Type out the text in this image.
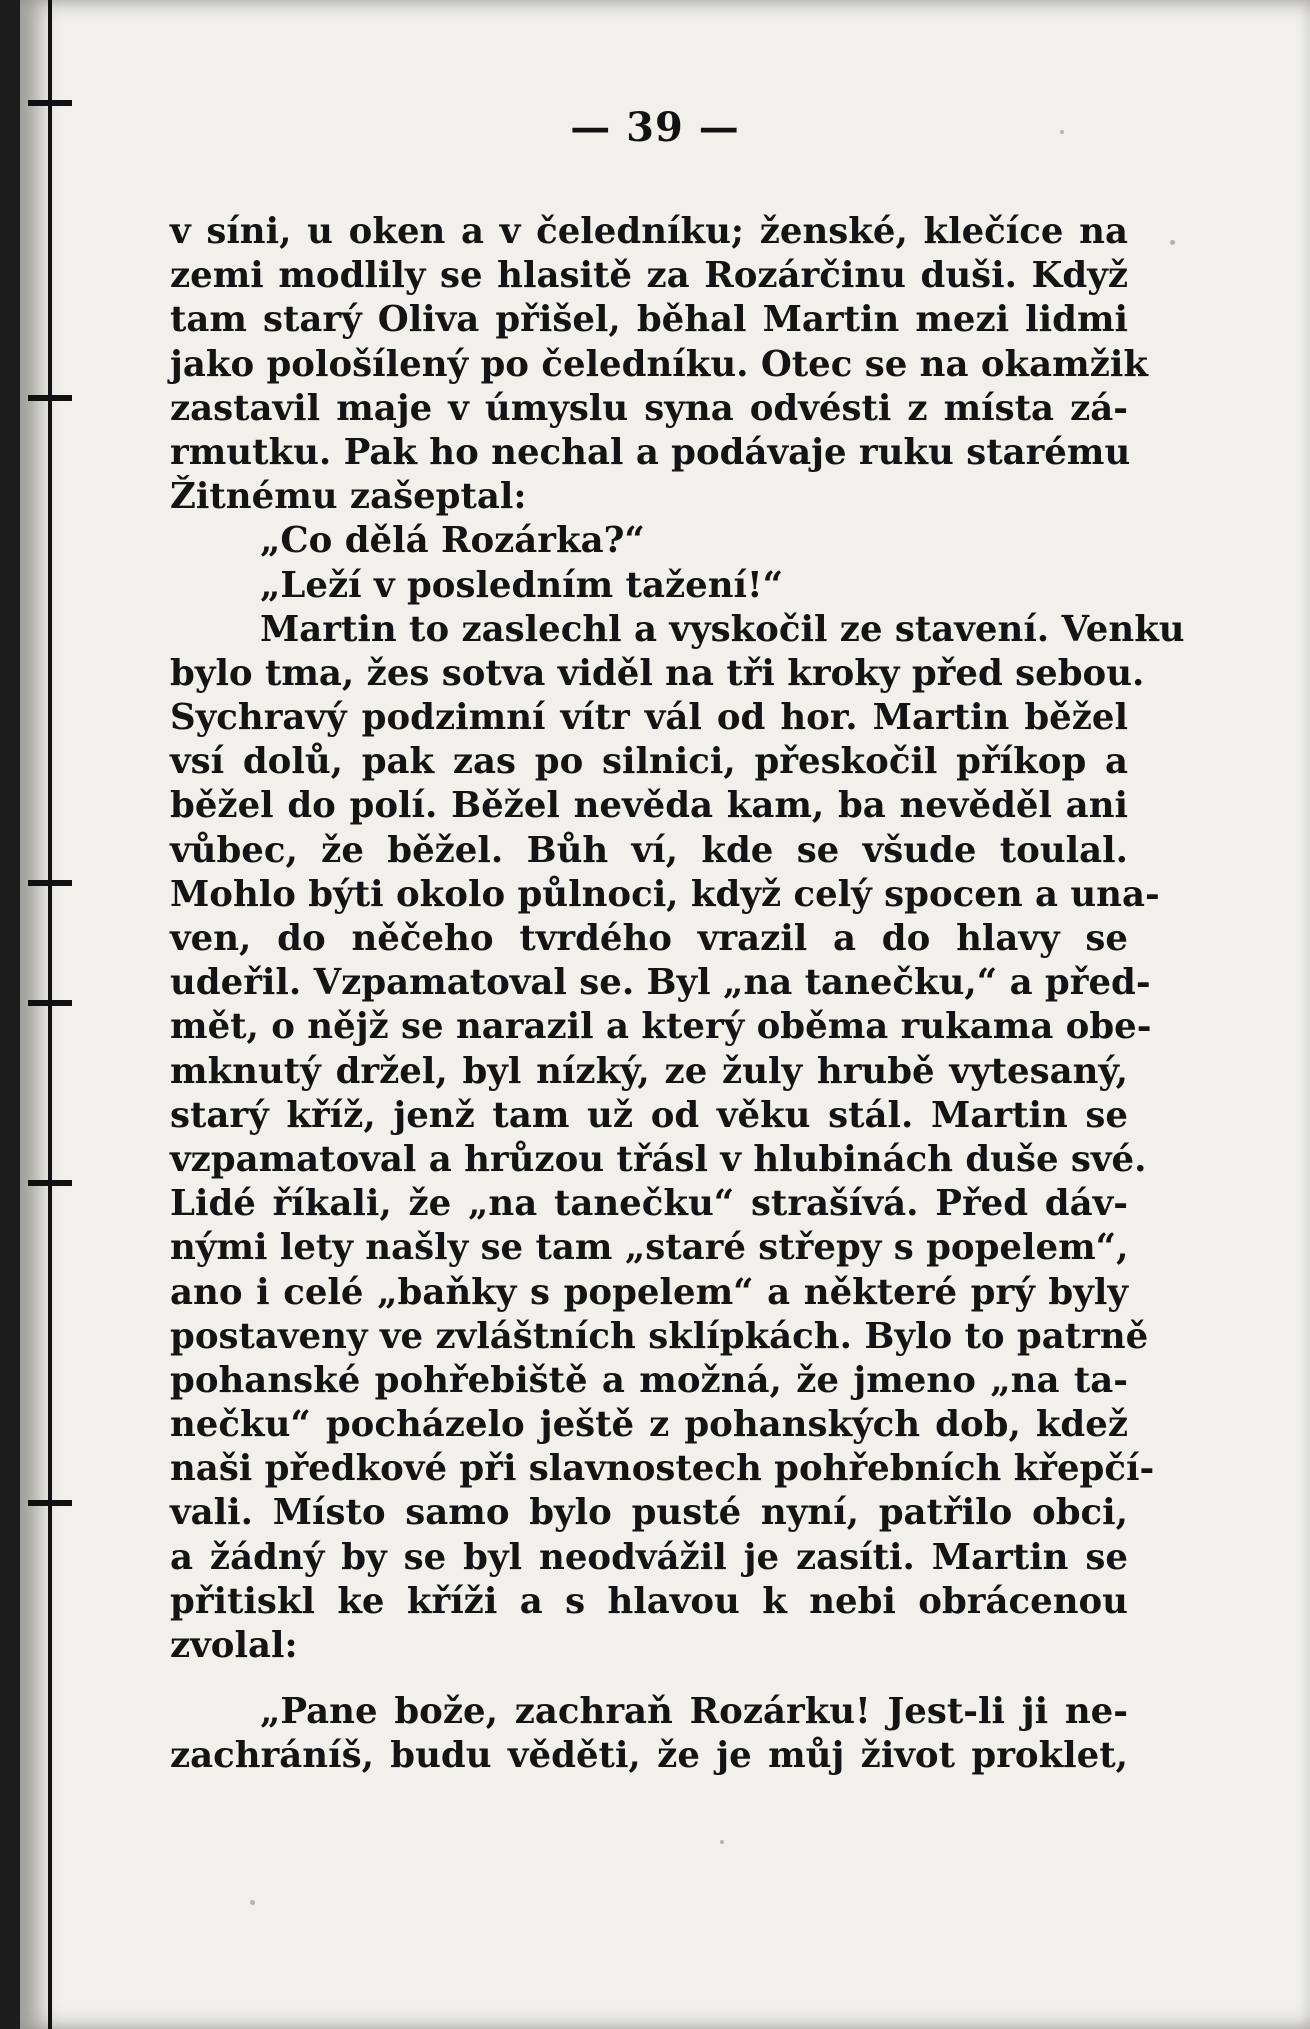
— 39 —
v síni, u oken a v čeledníku; ženské, klečíce na
zemi modlily se hlasitě za Rozárčinu duši. Když
tam starý Oliva přišel, běhal Martin mezi lidmi
jako pološílený po čeledníku. Otec se na okamžik
zastavil maje v úmyslu syna odvésti z místa zá-
rmutku. Pak ho nechal a podávaje ruku starému
Žitnému zašeptal:
„Co dělá Rozárka?“
„Leží v posledním tažení!“
Martin to zaslechl a vyskočil ze stavení. Venku
bylo tma, žes sotva viděl na tři kroky před sebou.
Sychravý podzimní vítr vál od hor. Martin běžel
vsí dolů, pak zas po silnici, přeskočil příkop a
běžel do polí. Běžel nevěda kam, ba nevěděl ani
vůbec, že běžel. Bůh ví, kde se všude toulal.
Mohlo býti okolo půlnoci, když celý spocen a una-
ven, do něčeho tvrdého vrazil a do hlavy se
udeřil. Vzpamatoval se. Byl „na tanečku,“ a před-
mět, o nějž se narazil a který oběma rukama obe-
mknutý držel, byl nízký, ze žuly hrubě vytesaný,
starý kříž, jenž tam už od věku stál. Martin se
vzpamatoval a hrůzou třásl v hlubinách duše své.
Lidé říkali, že „na tanečku“ strašívá. Před dáv-
nými lety našly se tam „staré střepy s popelem“,
ano i celé „baňky s popelem“ a některé prý byly
postaveny ve zvláštních sklípkách. Bylo to patrně
pohanské pohřebiště a možná, že jmeno „na ta-
nečku“ pocházelo ještě z pohanských dob, kdež
naši předkové při slavnostech pohřebních křepčí-
vali. Místo samo bylo pusté nyní, patřilo obci,
a žádný by se byl neodvážil je zasíti. Martin se
přitiskl ke kříži a s hlavou k nebi obrácenou
zvolal:
„Pane bože, zachraň Rozárku! Jest-li ji ne-
zachráníš, budu věděti, že je můj život proklet,
